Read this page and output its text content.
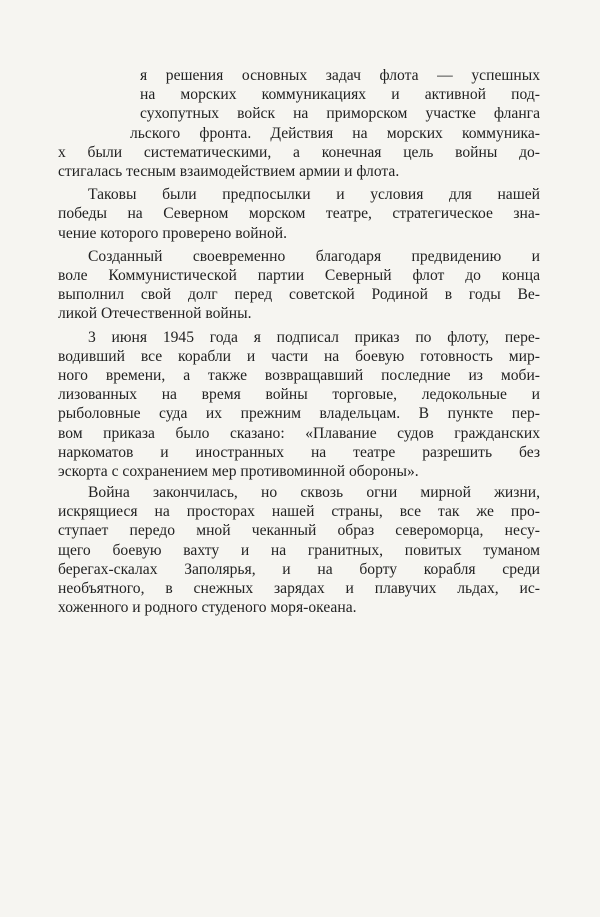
я решения основных задач флота — успешных
на морских коммуникациях и активной под-
сухопутных войск на приморском участке фланга
льского фронта. Действия на морских коммуника-
х были систематическими, а конечная цель войны до-
стигалась тесным взаимодействием армии и флота.

Таковы были предпосылки и условия для нашей
победы на Северном морском театре, стратегическое зна-
чение которого проверено войной.

Созданный своевременно благодаря предвидению и
воле Коммунистической партии Северный флот до конца
выполнил свой долг перед советской Родиной в годы Ве-
ликой Отечественной войны.

3 июня 1945 года я подписал приказ по флоту, пере-
водивший все корабли и части на боевую готовность мир-
ного времени, а также возвращавший последние из моби-
лизованных на время войны торговые, ледокольные и
рыболовные суда их прежним владельцам. В пункте пер-
вом приказа было сказано: «Плавание судов гражданских
наркоматов и иностранных на театре разрешить без
эскорта с сохранением мер противоминной обороны».

Война закончилась, но сквозь огни мирной жизни,
искрящиеся на просторах нашей страны, все так же про-
ступает передо мной чеканный образ североморца, несу-
щего боевую вахту и на гранитных, повитых туманом
берегах-скалах Заполярья, и на борту корабля среди
необъятного, в снежных зарядах и плавучих льдах, ис-
хоженного и родного студеного моря-океана.
